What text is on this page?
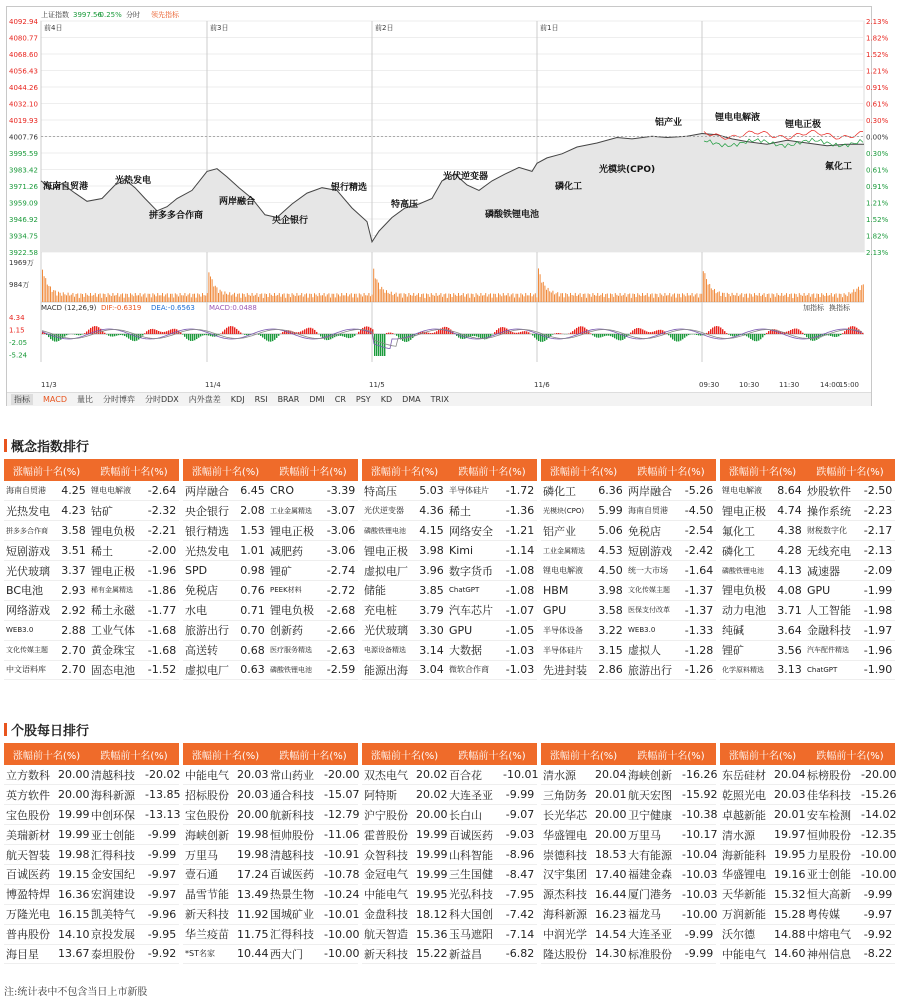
4092.94
4080.77
4068.60
4056.43
4044.26
4032.10
4019.93
4007.76
3995.59
3983.42
3971.26
3959.09
3946.92
3934.75
3922.58
2.13%
1.82%
1.52%
1.21%
0.91%
0.61%
0.30%
0.00%
0.30%
0.61%
0.91%
1.21%
1.52%
1.82%
2.13%
前4日	前3日	前2日	前1日
1969万
984万
MACD (12,26,9) DIF:-0.6319 DEA:-0.6563 MACD:0.0488	加指标 换指标
4.34
1.15
-2.05
-5.24
海南自贸港
光热发电
拼多多合作商
两岸融合
央企银行
银行精选
特高压
光伏逆变器
磷酸铁锂电池
磷化工
光模块(CPO)
铝产业	锂电电解液
锂电正极
氟化工
上证指数 3997.56
-0.25% 分时 领先指标
11/3	11/4	11/5	11/6	09:30	10:30	11:30	14:00
15:00
指标	MACD 量比 分时博弈 分时DDX 内外盘差 KDJ RSI BRAR DMI CR PSY KD DMA TRIX
概念指数排行
涨幅前十名(%)		跌幅前十名(%)	
海南自贸港	4.25	锂电电解液	-2.64
光热发电	4.23	钴矿	-2.32
拼多多合作商	3.58	锂电负极	-2.21
短剧游戏	3.51	稀土	-2.00
光伏玻璃	3.37	锂电正极	-1.96
BC电池	2.93	稀有金属精选	-1.86
网络游戏	2.92	稀土永磁	-1.77
WEB3.0	2.88	工业气体	-1.68
文化传媒主题	2.70	黄金珠宝	-1.68
中文语料库	2.70	固态电池	-1.52
涨幅前十名(%)		跌幅前十名(%)	
两岸融合	6.45	CRO	-3.39
央企银行	2.08	工业金属精选	-3.07
银行精选	1.53	锂电正极	-3.06
光热发电	1.01	减肥药	-3.06
SPD	0.98	锂矿	-2.74
免税店	0.76	PEEK材料	-2.72
水电	0.71	锂电负极	-2.68
旅游出行	0.70	创新药	-2.66
高送转	0.68	医疗服务精选	-2.63
虚拟电厂	0.63	磷酸铁锂电池	-2.59
涨幅前十名(%)		跌幅前十名(%)	
特高压	5.03	半导体硅片	-1.72
光伏逆变器	4.36	稀土	-1.36
磷酸铁锂电池	4.15	网络安全	-1.21
锂电正极	3.98	Kimi	-1.14
虚拟电厂	3.96	数字货币	-1.08
储能	3.85	ChatGPT	-1.08
充电桩	3.79	汽车芯片	-1.07
光伏玻璃	3.30	GPU	-1.05
电源设备精选	3.14	大数据	-1.03
能源出海	3.04	微软合作商	-1.03
涨幅前十名(%)		跌幅前十名(%)	
磷化工	6.36	两岸融合	-5.26
光模块(CPO)	5.99	海南自贸港	-4.50
铝产业	5.06	免税店	-2.54
工业金属精选	4.53	短剧游戏	-2.42
锂电电解液	4.50	统一大市场	-1.64
HBM	3.98	文化传媒主题	-1.37
GPU	3.58	医保支付改革	-1.37
半导体设备	3.22	WEB3.0	-1.33
半导体硅片	3.15	虚拟人	-1.28
先进封装	2.86	旅游出行	-1.26
涨幅前十名(%)		跌幅前十名(%)	
锂电电解液	8.64	炒股软件	-2.50
锂电正极	4.74	操作系统	-2.23
氟化工	4.38	财税数字化	-2.17
磷化工	4.28	无线充电	-2.13
磷酸铁锂电池	4.13	减速器	-2.09
锂电负极	4.08	GPU	-1.99
动力电池	3.71	人工智能	-1.98
纯碱	3.64	金融科技	-1.97
锂矿	3.56	汽车配件精选	-1.96
化学原料精选	3.13	ChatGPT	-1.90
个股每日排行
涨幅前十名(%)		跌幅前十名(%)	
立方数科	20.00	清越科技	-20.02
英方软件	20.00	海科新源	-13.85
宝色股份	19.99	中创环保	-13.13
美瑞新材	19.99	亚士创能	-9.99
航天智装	19.98	汇得科技	-9.99
百诚医药	19.15	金安国纪	-9.97
博盈特焊	16.36	宏润建设	-9.97
万隆光电	16.15	凯美特气	-9.96
普冉股份	14.10	京投发展	-9.95
海目星	13.67	泰坦股份	-9.92
涨幅前十名(%)		跌幅前十名(%)	
中能电气	20.03	常山药业	-20.00
招标股份	20.03	通合科技	-15.07
宝色股份	20.00	航新科技	-12.79
海峡创新	19.98	恒帅股份	-11.06
万里马	19.98	清越科技	-10.91
壹石通	17.24	百诚医药	-10.78
晶雪节能	13.49	热景生物	-10.24
新天科技	11.92	国城矿业	-10.01
华兰疫苗	11.75	汇得科技	-10.00
*ST名家	10.44	西大门	-10.00
涨幅前十名(%)		跌幅前十名(%)	
双杰电气	20.02	百合花	-10.01
阿特斯	20.02	大连圣亚	-9.99
沪宁股份	20.00	长白山	-9.07
霍普股份	19.99	百诚医药	-9.03
众智科技	19.99	山科智能	-8.96
金冠电气	19.99	三生国健	-8.47
中能电气	19.95	光弘科技	-7.95
金盘科技	18.12	科大国创	-7.42
航天智造	15.36	玉马遮阳	-7.14
新天科技	15.22	新益昌	-6.82
涨幅前十名(%)		跌幅前十名(%)	
清水源	20.04	海峡创新	-16.26
三角防务	20.01	航天宏图	-15.92
长光华芯	20.00	卫宁健康	-10.38
华盛锂电	20.00	万里马	-10.17
崇德科技	18.53	大有能源	-10.04
汉宇集团	17.40	福建金森	-10.03
源杰科技	16.44	厦门港务	-10.03
海科新源	16.23	福龙马	-10.00
中润光学	14.54	大连圣亚	-9.99
隆达股份	14.30	标准股份	-9.99
涨幅前十名(%)		跌幅前十名(%)	
东岳硅材	20.04	标榜股份	-20.00
乾照光电	20.03	佳华科技	-15.26
卓越新能	20.01	安车检测	-14.02
清水源	19.97	恒帅股份	-12.35
海新能科	19.95	力星股份	-10.00
华盛锂电	19.16	亚士创能	-10.00
天华新能	15.32	恒大高新	-9.99
万润新能	15.28	粤传媒	-9.97
沃尔德	14.88	中熔电气	-9.92
中能电气	14.60	神州信息	-8.22
注:统计表中不包含当日上市新股
